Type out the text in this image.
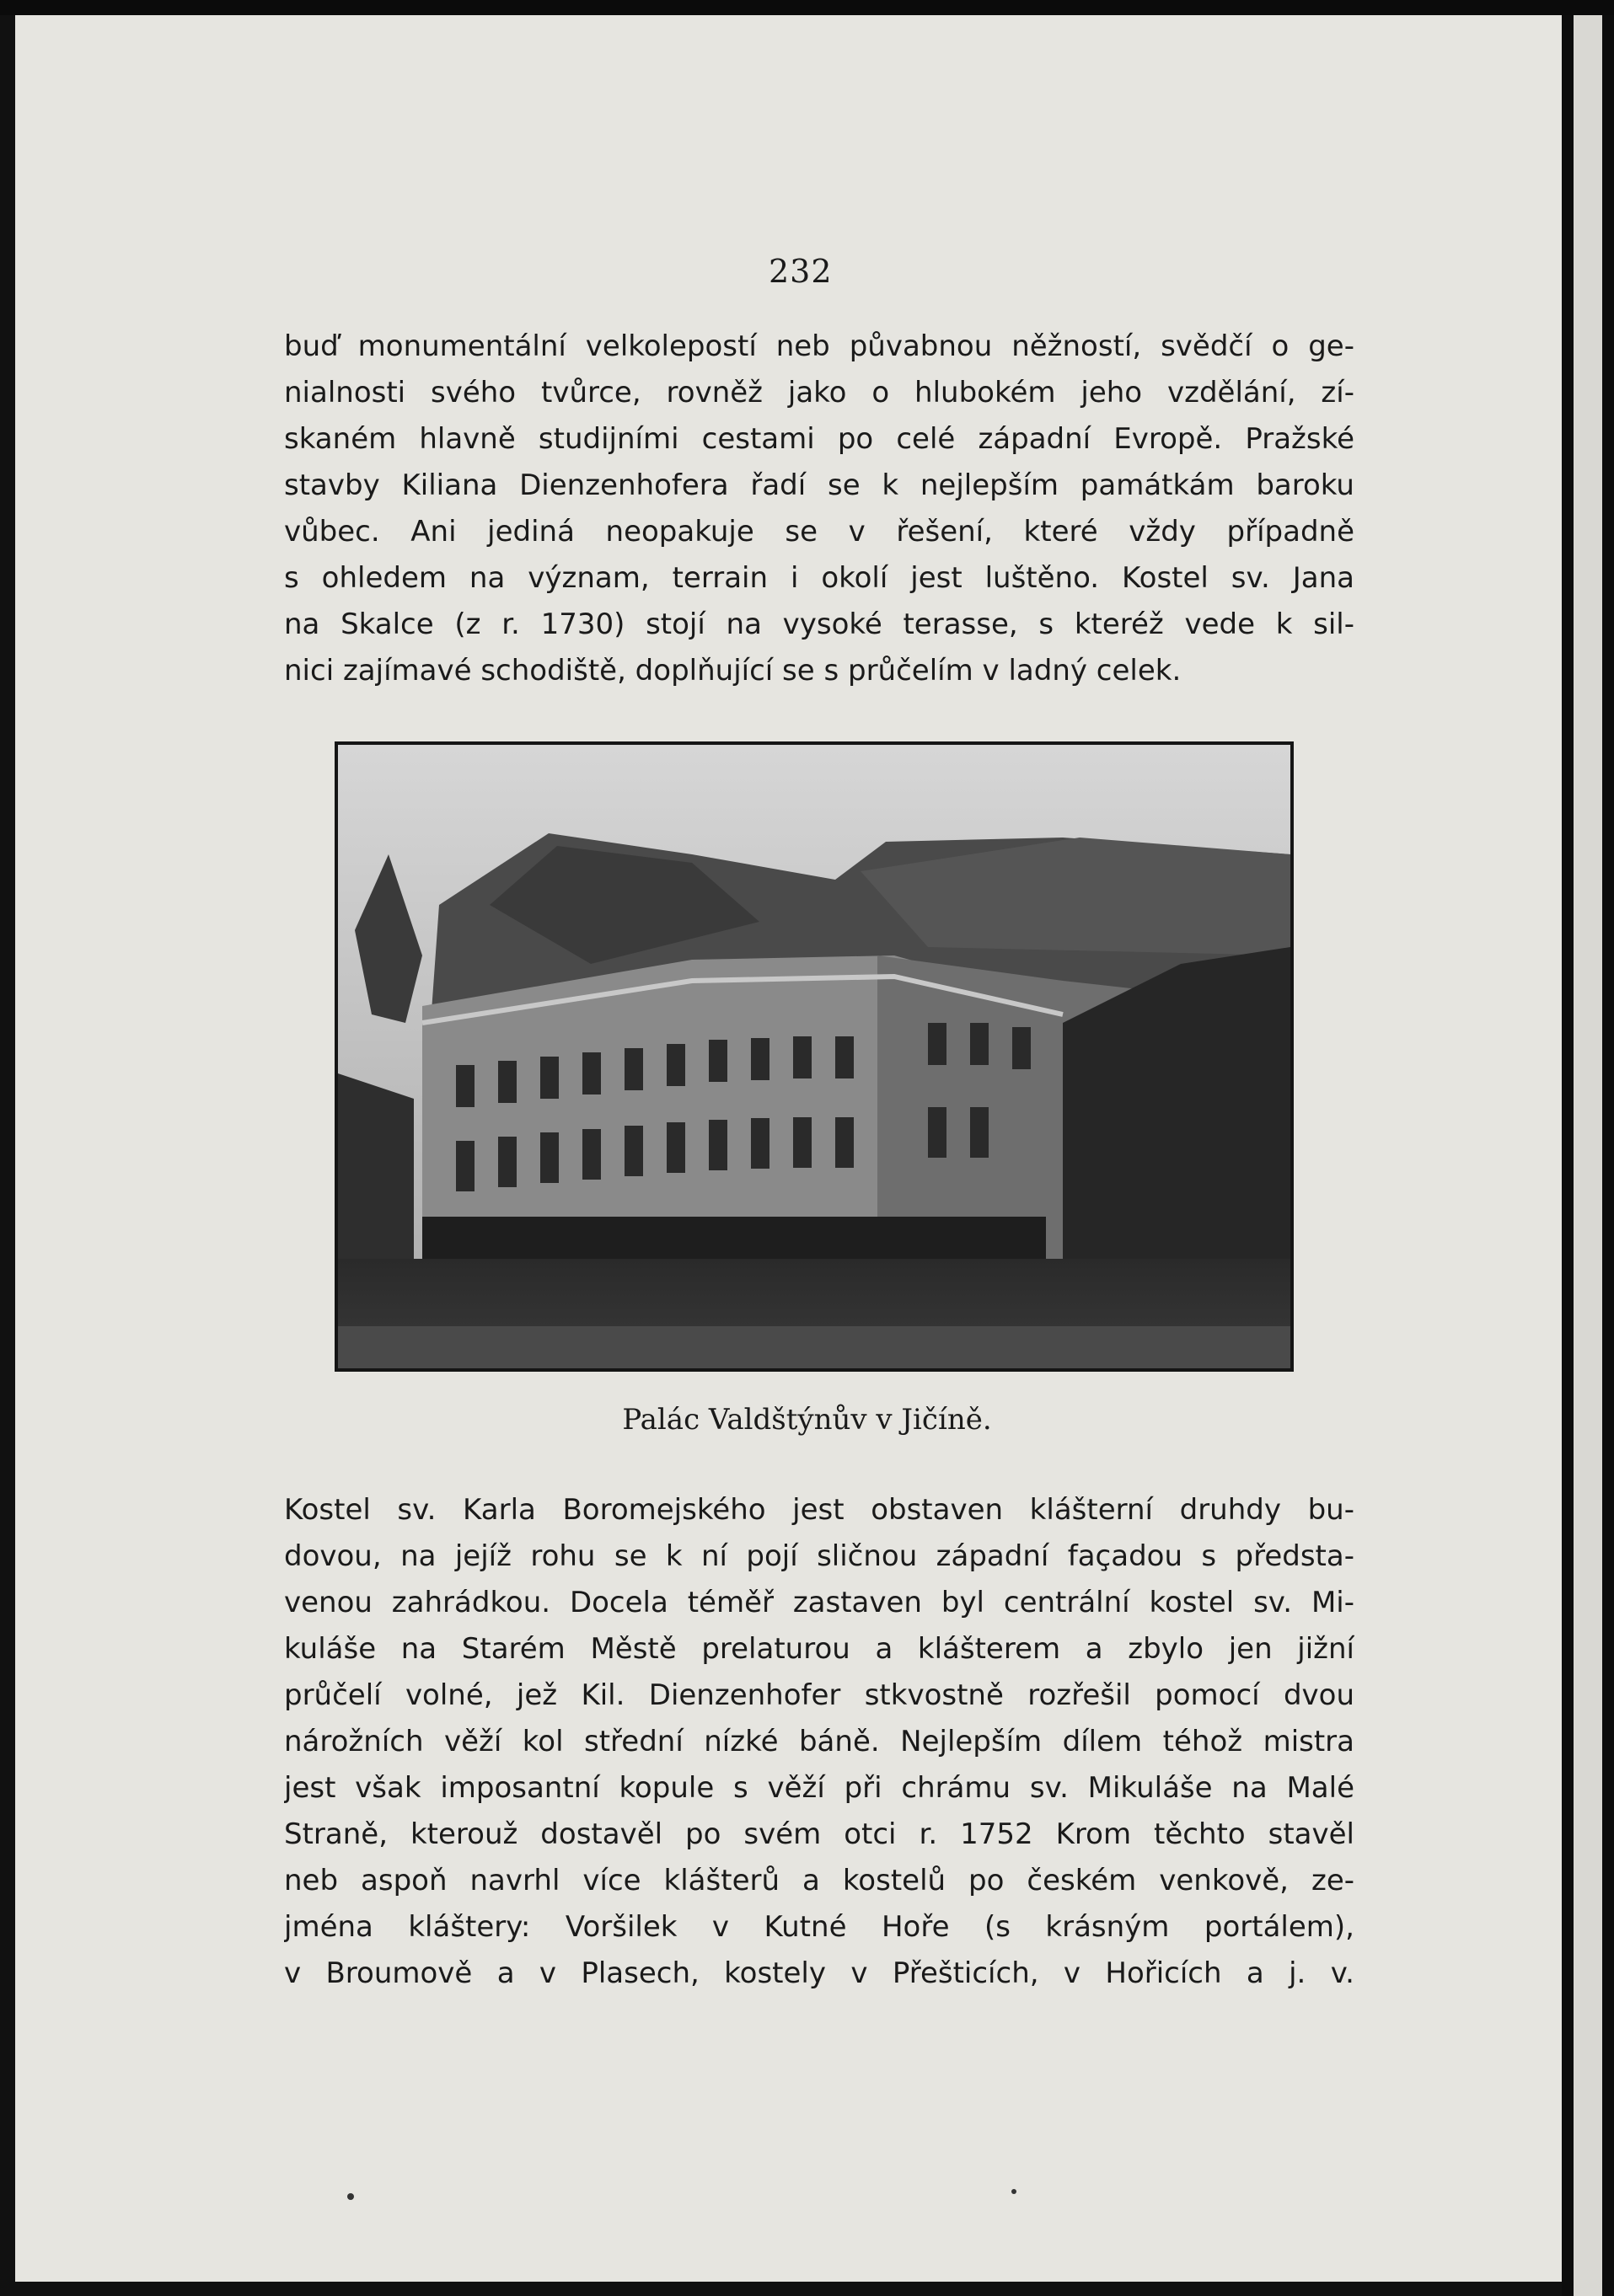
232
buď monumentální velkolepostí neb půvabnou něžností, svědčí o ge-
nialnosti svého tvůrce, rovněž jako o hlubokém jeho vzdělání, zí-
skaném hlavně studijními cestami po celé západní Evropě. Pražské
stavby Kiliana Dienzenhofera řadí se k nejlepším památkám baroku
vůbec. Ani jediná neopakuje se v řešení, které vždy případně
s ohledem na význam, terrain i okolí jest luštěno. Kostel sv. Jana
na Skalce (z r. 1730) stojí na vysoké terasse, s kteréž vede k sil-
nici zajímavé schodiště, doplňující se s průčelím v ladný celek.
Palác Valdštýnův v Jičíně.
Kostel sv. Karla Boromejského jest obstaven klášterní druhdy bu-
dovou, na jejíž rohu se k ní pojí sličnou západní façadou s předsta-
venou zahrádkou. Docela téměř zastaven byl centrální kostel sv. Mi-
kuláše na Starém Městě prelaturou a klášterem a zbylo jen jižní
průčelí volné, jež Kil. Dienzenhofer stkvostně rozřešil pomocí dvou
nárožních věží kol střední nízké báně. Nejlepším dílem téhož mistra
jest však imposantní kopule s věží při chrámu sv. Mikuláše na Malé
Straně, kterouž dostavěl po svém otci r. 1752 Krom těchto stavěl
neb aspoň navrhl více klášterů a kostelů po českém venkově, ze-
jména kláštery: Voršilek v Kutné Hoře (s krásným portálem),
v Broumově a v Plasech, kostely v Přešticích, v Hořicích a j. v.
